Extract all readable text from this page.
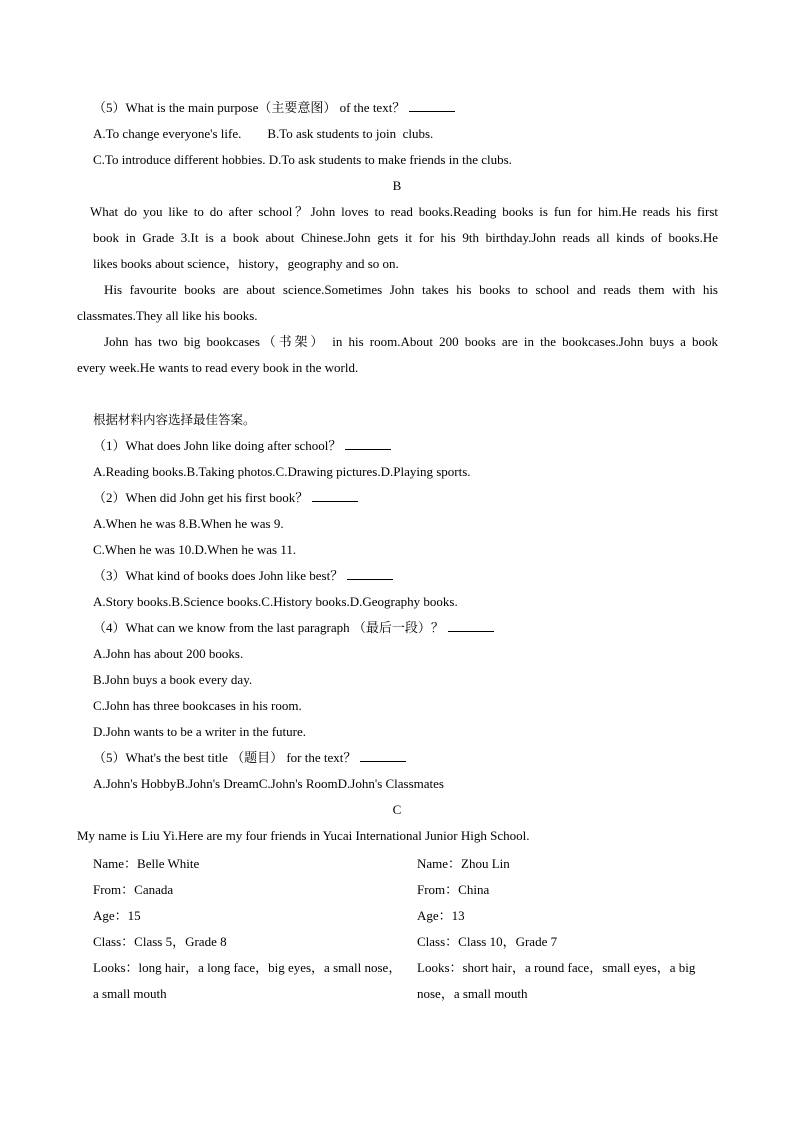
（5）What is the main purpose（主要意图） of the text？
A.To change everyone's life.        B.To ask students to join  clubs.
C.To introduce different hobbies. D.To ask students to make friends in the clubs.
B
What do you like to do after school？John loves to read books.Reading books is fun for him.He reads his first
book in Grade 3.It is a book about Chinese.John gets it for his 9th birthday.John reads all kinds of books.He
likes books about science，history，geography and so on.
His favourite books are about science.Sometimes John takes his books to school and reads them with his
classmates.They all like his books.
John has two big bookcases（书架） in his room.About 200 books are in the bookcases.John buys a book
every week.He wants to read every book in the world.
根据材料内容选择最佳答案。
（1）What does John like doing after school？
A.Reading books.B.Taking photos.C.Drawing pictures.D.Playing sports.
（2）When did John get his first book？
A.When he was 8.B.When he was 9.
C.When he was 10.D.When he was 11.
（3）What kind of books does John like best？
A.Story books.B.Science books.C.History books.D.Geography books.
（4）What can we know from the last paragraph （最后一段）？
A.John has about 200 books.
B.John buys a book every day.
C.John has three bookcases in his room.
D.John wants to be a writer in the future.
（5）What's the best title （题目） for the text？
A.John's HobbyB.John's DreamC.John's RoomD.John's Classmates
C
My name is Liu Yi.Here are my four friends in Yucai International Junior High School.
Name：Belle White
From：Canada
Age：15
Class：Class 5，Grade 8
Looks：long hair，a long face，big eyes，a small nose，
a small mouth
Name：Zhou Lin
From：China
Age：13
Class：Class 10，Grade 7
Looks：short hair，a round face，small eyes，a big
nose，a small mouth
